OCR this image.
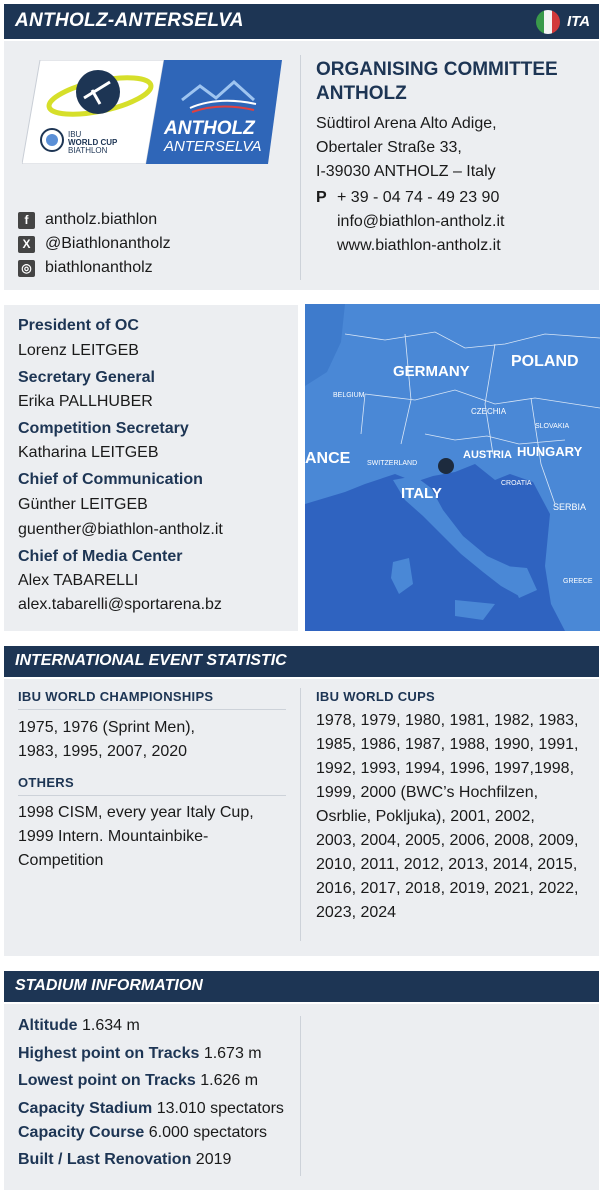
ANTHOLZ-ANTERSELVA	ITA
IBU
WORLD CUP
BIATHLON
ANTHOLZ
ANTERSELVA
f	antholz.biathlon
X @Biathlonantholz
◎ biathlonantholz
ORGANISING COMMITTEE
ANTHOLZ
Südtirol Arena Alto Adige,
Obertaler Straße 33,
I-39030 ANTHOLZ – Italy
P + 39 - 04 74 - 49 23 90
info@biathlon-antholz.it
www.biathlon-antholz.it
President of OC
Lorenz LEITGEB
Secretary General
Erika PALLHUBER
Competition Secretary
Katharina LEITGEB
Chief of Communication
Günther LEITGEB
guenther@biathlon-antholz.it
Chief of Media Center
Alex TABARELLI
alex.tabarelli@sportarena.bz
GERMANY
POLAND
CZECHIA
SLOVAKIA
AUSTRIA HUNGARY
ITALY
SERBIA
CROATIA
SWITZERLAND
BELGIUM
ANCE
GREECE
INTERNATIONAL EVENT STATISTIC
IBU WORLD CHAMPIONSHIPS
1975, 1976 (Sprint Men),
1983, 1995, 2007, 2020
OTHERS
1998 CISM, every year Italy Cup,
1999 Intern. Mountainbike-
Competition
IBU WORLD CUPS
1978, 1979, 1980, 1981, 1982, 1983,
1985, 1986, 1987, 1988, 1990, 1991,
1992, 1993, 1994, 1996, 1997,1998,
1999, 2000 (BWC’s Hochfilzen,
Osrblie, Pokljuka), 2001, 2002,
2003, 2004, 2005, 2006, 2008, 2009,
2010, 2011, 2012, 2013, 2014, 2015,
2016, 2017, 2018, 2019, 2021, 2022,
2023, 2024
STADIUM INFORMATION
Altitude 1.634 m
Highest point on Tracks 1.673 m
Lowest point on Tracks 1.626 m
Capacity Stadium 13.010 spectators
Capacity Course 6.000 spectators
Built / Last Renovation 2019
